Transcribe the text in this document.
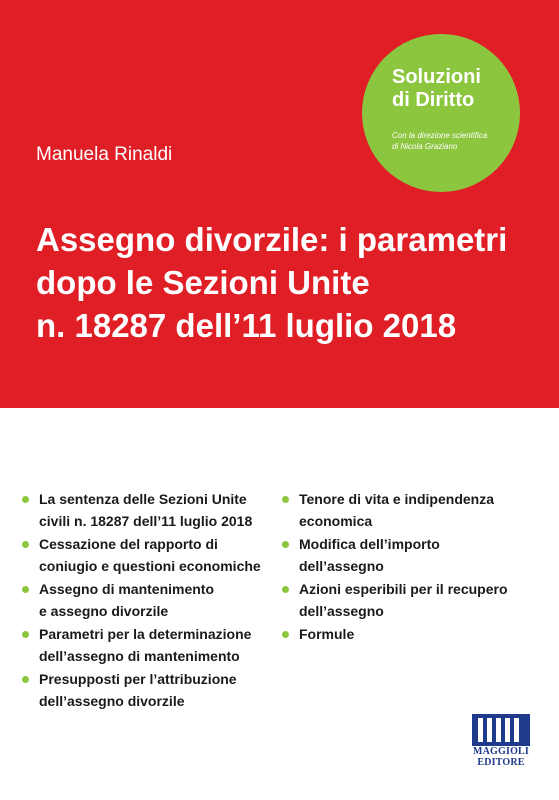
Soluzioni
di Diritto
Con la direzione scientifica
di Nicola Graziano
Manuela Rinaldi
Assegno divorzile: i parametri
dopo le Sezioni Unite
n. 18287 dell’11 luglio 2018
La sentenza delle Sezioni Unite
civili n. 18287 dell’11 luglio 2018
Cessazione del rapporto di
coniugio e questioni economiche
Assegno di mantenimento
e assegno divorzile
Parametri per la determinazione
dell’assegno di mantenimento
Presupposti per l’attribuzione
dell’assegno divorzile
Tenore di vita e indipendenza
economica
Modifica dell’importo
dell’assegno
Azioni esperibili per il recupero
dell’assegno
Formule
MAGGIOLI
EDITORE
